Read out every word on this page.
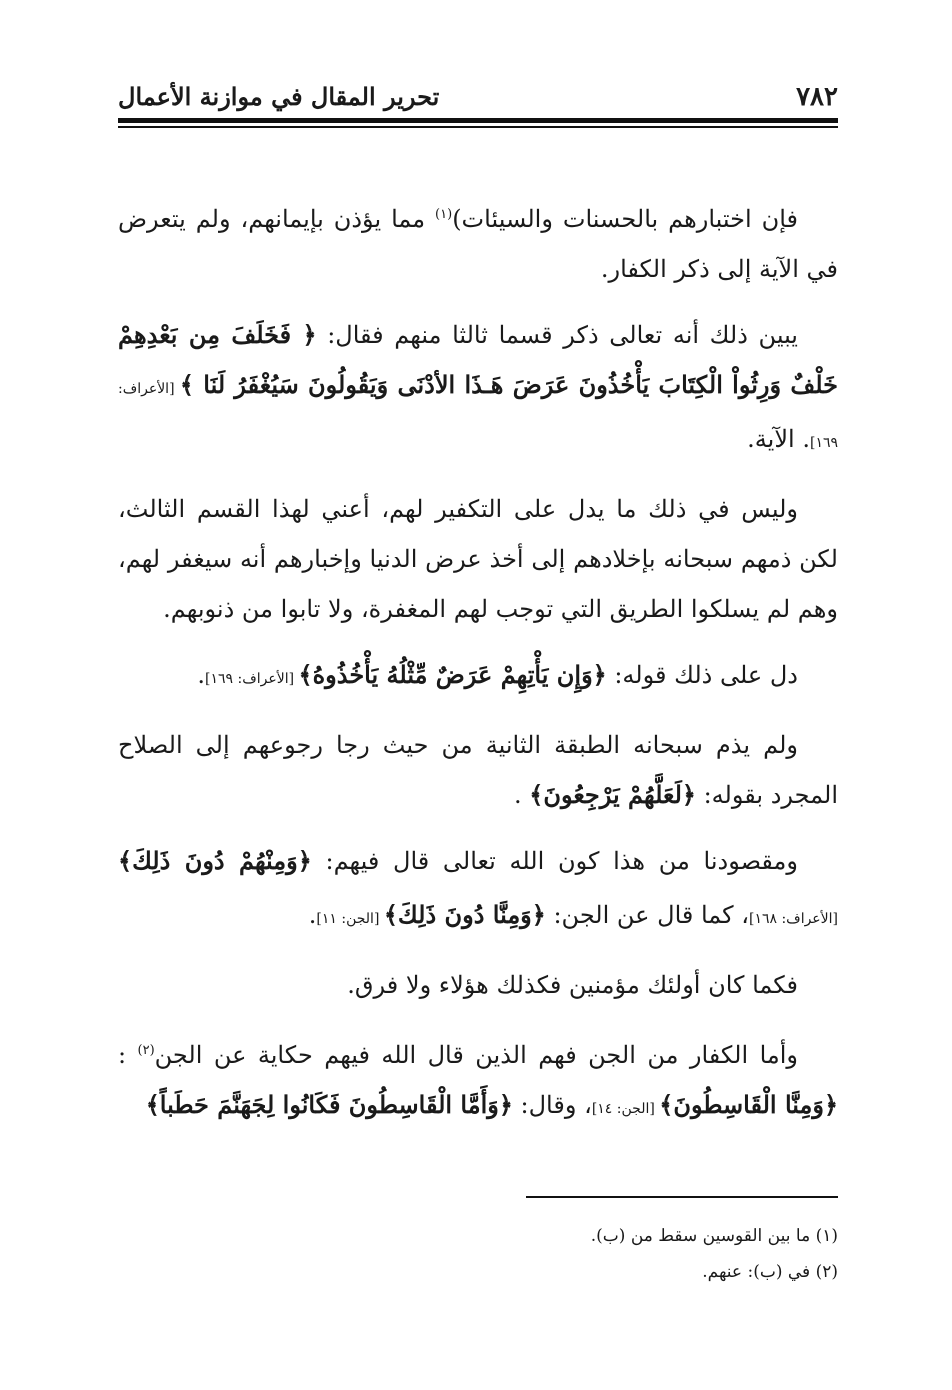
٧٨٢
تحرير المقال في موازنة الأعمال

فإن اختبارهم بالحسنات والسيئات)$^{(١)}$ مما يؤذن بإيمانهم، ولم يتعرض في الآية إلى ذكر الكفار.

يبين ذلك أنه تعالى ذكر قسما ثالثا منهم فقال: ﴿ فَخَلَفَ مِن بَعْدِهِمْ خَلْفٌ وَرِثُواْ الْكِتَابَ يَأْخُذُونَ عَرَضَ هَـذَا الأدْنَى وَيَقُولُونَ سَيُغْفَرُ لَنَا ﴾ [الأعراف: ١٦٩]. الآية.

وليس في ذلك ما يدل على التكفير لهم، أعني لهذا القسم الثالث، لكن ذمهم سبحانه بإخلادهم إلى أخذ عرض الدنيا وإخبارهم أنه سيغفر لهم، وهم لم يسلكوا الطريق التي توجب لهم المغفرة، ولا تابوا من ذنوبهم.

دل على ذلك قوله: ﴿وَإِن يَأْتِهِمْ عَرَضٌ مِّثْلُهُ يَأْخُذُوهُ﴾ [الأعراف: ١٦٩].

ولم يذم سبحانه الطبقة الثانية من حيث رجا رجوعهم إلى الصلاح المجرد بقوله: ﴿لَعَلَّهُمْ يَرْجِعُونَ﴾ .

ومقصودنا من هذا كون الله تعالى قال فيهم: ﴿وَمِنْهُمْ دُونَ ذَلِكَ﴾ [الأعراف: ١٦٨]، كما قال عن الجن: ﴿وَمِنَّا دُونَ ذَلِكَ﴾ [الجن: ١١].

فكما كان أولئك مؤمنين فكذلك هؤلاء ولا فرق.

وأما الكفار من الجن فهم الذين قال الله فيهم حكاية عن الجن$^{(٢)}$ : ﴿وَمِنَّا الْقَاسِطُونَ﴾ [الجن: ١٤]، وقال: ﴿وَأَمَّا الْقَاسِطُونَ فَكَانُوا لِجَهَنَّمَ حَطَباً﴾

(١) ما بين القوسين سقط من (ب).
(٢) في (ب): عنهم.
